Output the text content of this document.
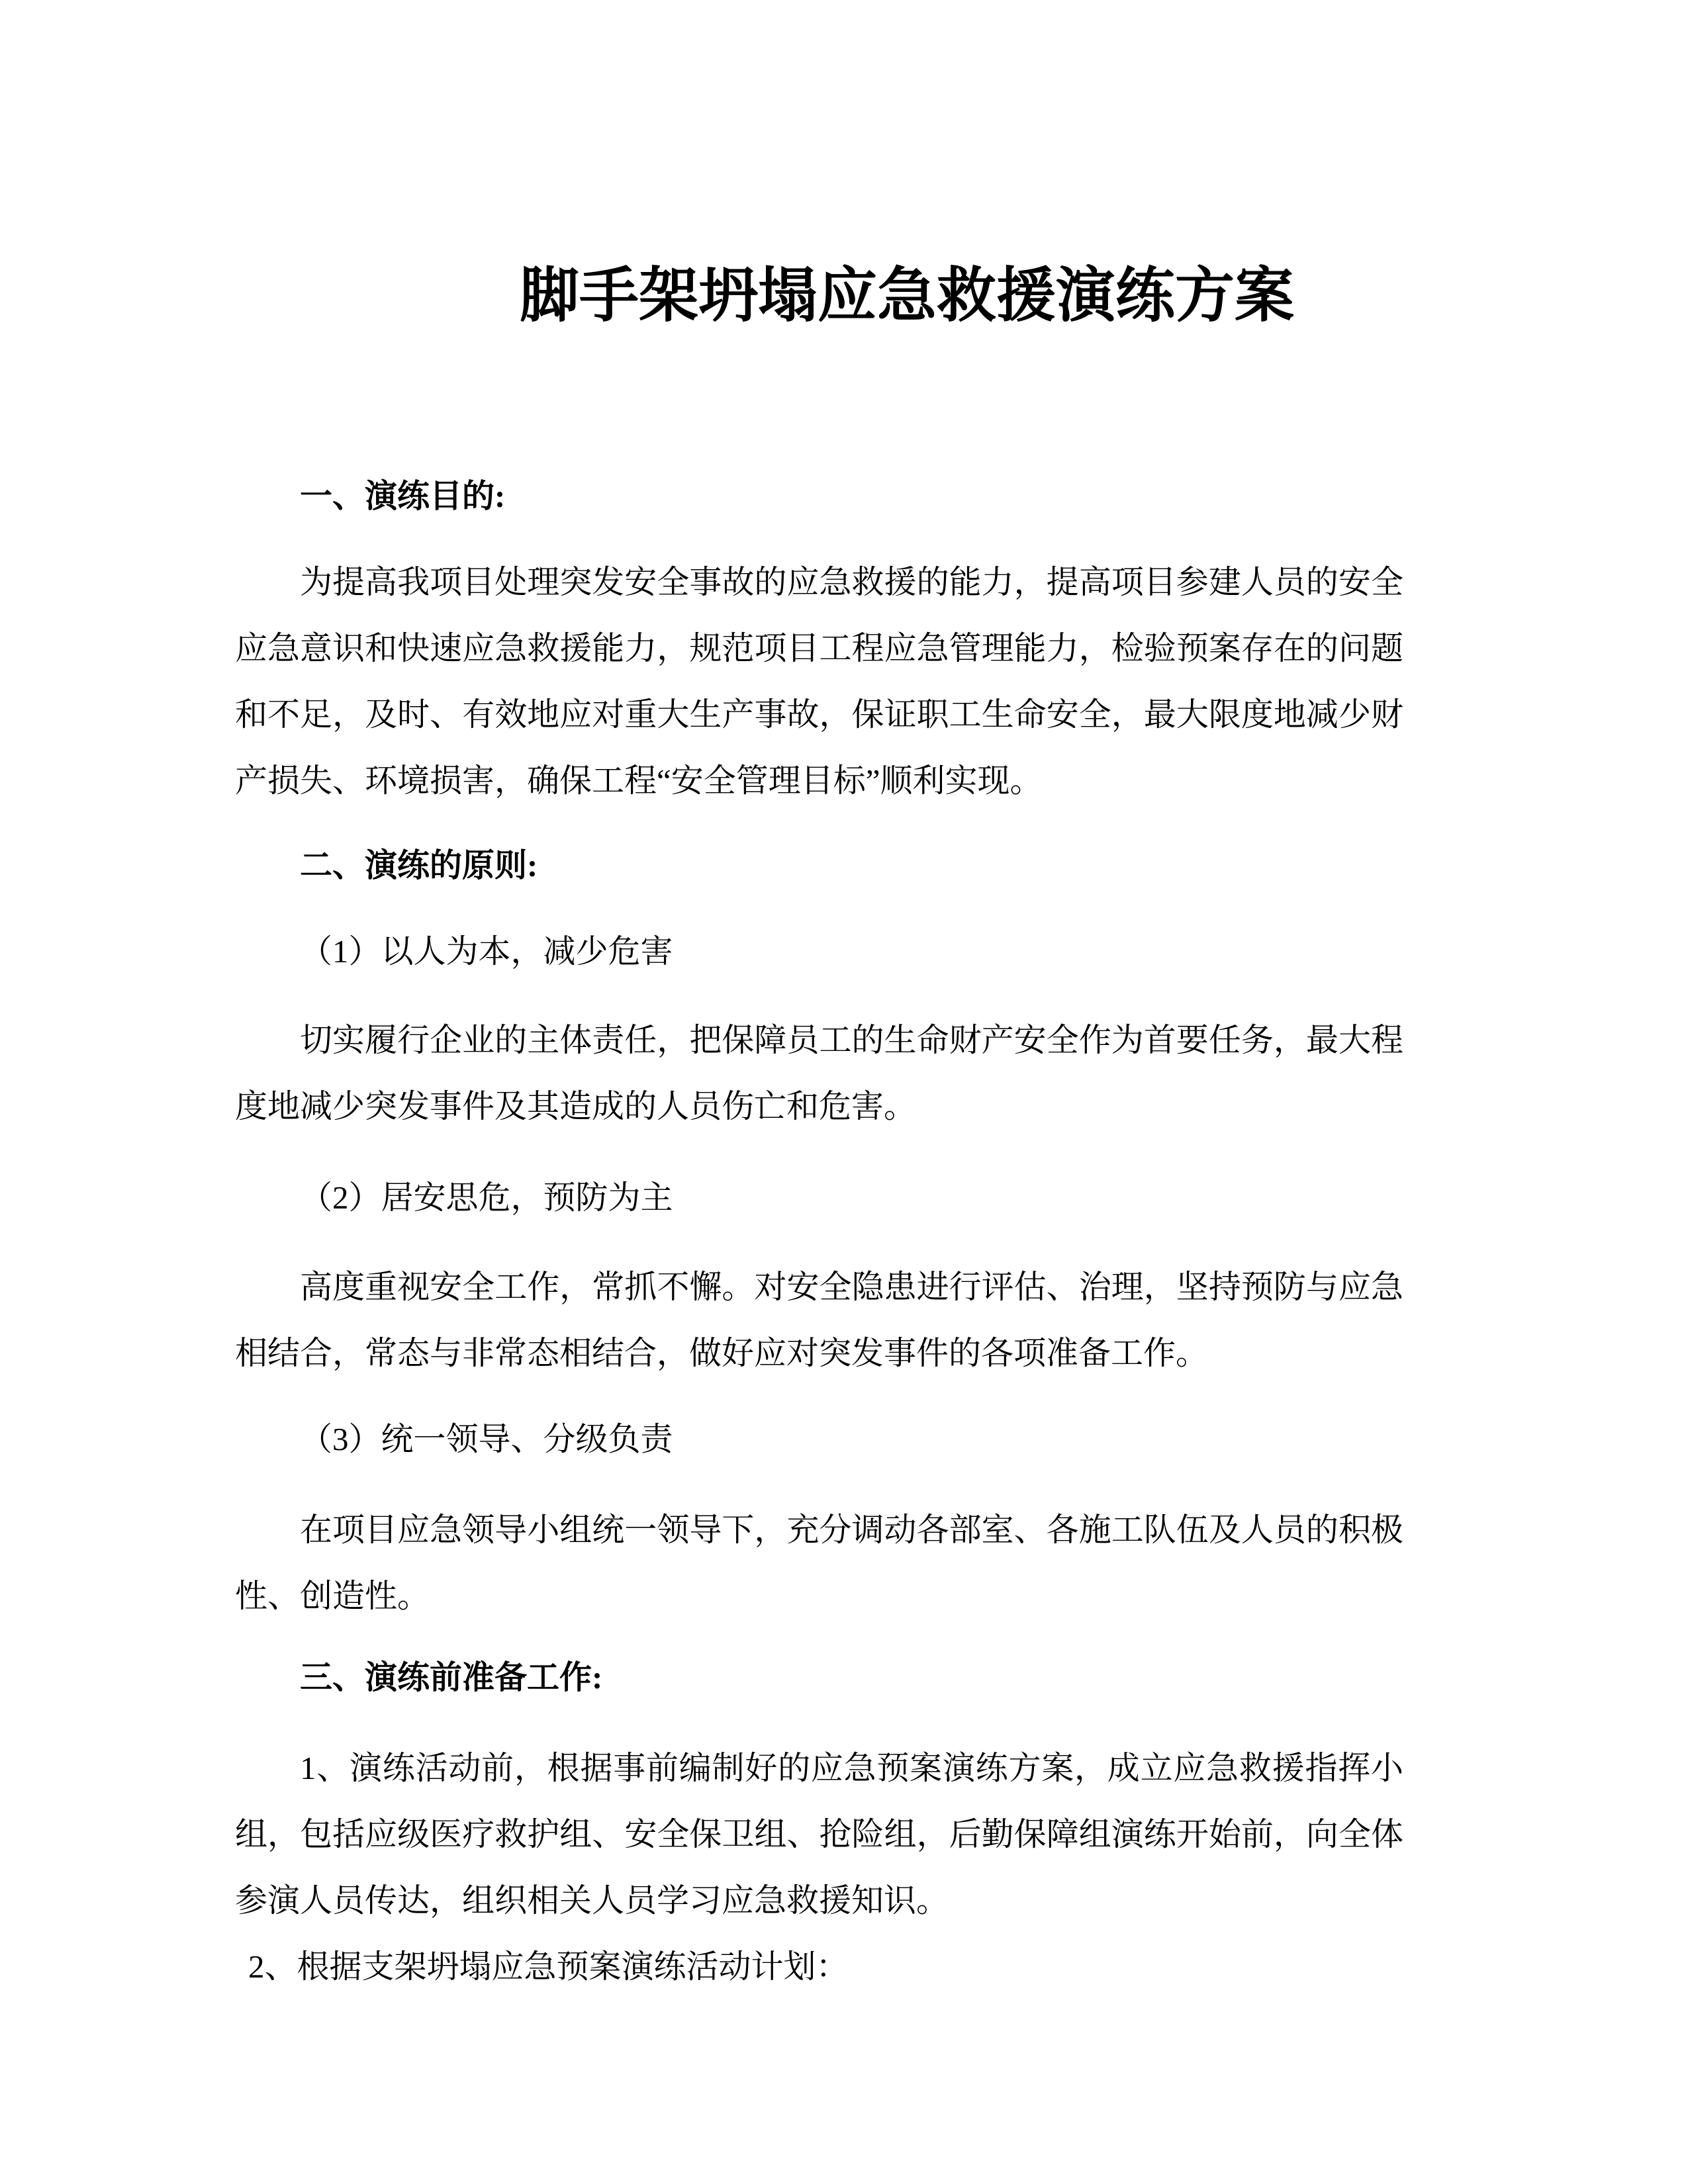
脚手架坍塌应急救援演练方案
一、演练目的:
为提高我项目处理突发安全事故的应急救援的能力，提高项目参建人员的安全
应急意识和快速应急救援能力，规范项目工程应急管理能力，检验预案存在的问题
和不足，及时、有效地应对重大生产事故，保证职工生命安全，最大限度地减少财
产损失、环境损害，确保工程“安全管理目标”顺利实现。
二、演练的原则:
（1）以人为本，减少危害
切实履行企业的主体责任，把保障员工的生命财产安全作为首要任务，最大程
度地减少突发事件及其造成的人员伤亡和危害。
（2）居安思危，预防为主
高度重视安全工作，常抓不懈。对安全隐患进行评估、治理，坚持预防与应急
相结合，常态与非常态相结合，做好应对突发事件的各项准备工作。
（3）统一领导、分级负责
在项目应急领导小组统一领导下，充分调动各部室、各施工队伍及人员的积极
性、创造性。
三、演练前准备工作:
1、演练活动前，根据事前编制好的应急预案演练方案，成立应急救援指挥小
组，包括应级医疗救护组、安全保卫组、抢险组，后勤保障组演练开始前，向全体
参演人员传达，组织相关人员学习应急救援知识。
2、根据支架坍塌应急预案演练活动计划：
